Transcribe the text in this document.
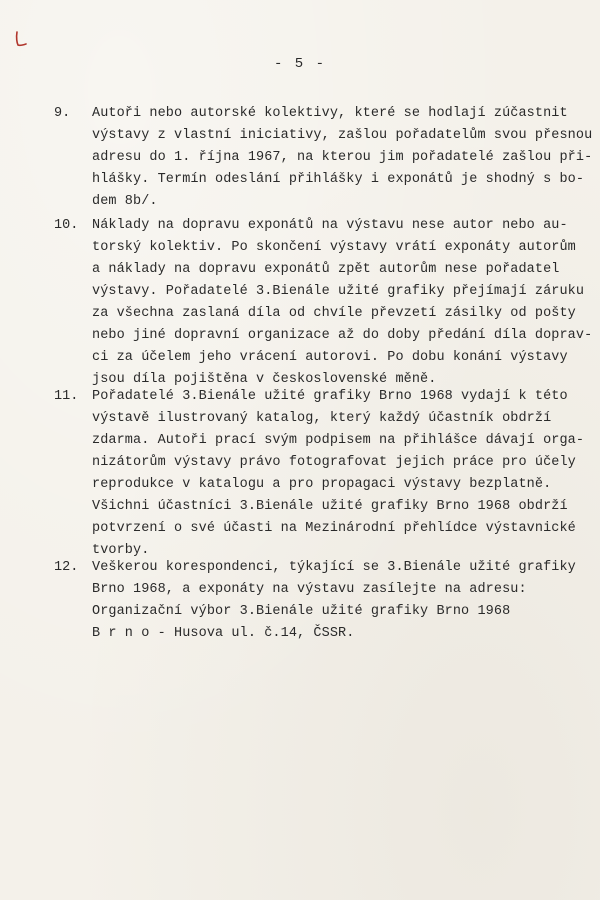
- 5 -
9. Autoři nebo autorské kolektivy, které se hodlají zúčastnit
výstavy z vlastní iniciativy, zašlou pořadatelům svou přesnou
adresu do 1. října 1967, na kterou jim pořadatelé zašlou při-
hlášky. Termín odeslání přihlášky i exponátů je shodný s bo-
dem 8b/.
10. Náklady na dopravu exponátů na výstavu nese autor nebo au-
torský kolektiv. Po skončení výstavy vrátí exponáty autorům
a náklady na dopravu exponátů zpět autorům nese pořadatel
výstavy. Pořadatelé 3.Bienále užité grafiky přejímají záruku
za všechna zaslaná díla od chvíle převzetí zásilky od pošty
nebo jiné dopravní organizace až do doby předání díla doprav-
ci za účelem jeho vrácení autorovi. Po dobu konání výstavy
jsou díla pojištěna v československé měně.
11. Pořadatelé 3.Bienále užité grafiky Brno 1968 vydají k této
výstavě ilustrovaný katalog, který každý účastník obdrží
zdarma. Autoři prací svým podpisem na přihlášce dávají orga-
nizátorům výstavy právo fotografovat jejich práce pro účely
reprodukce v katalogu a pro propagaci výstavy bezplatně.
Všichni účastníci 3.Bienále užité grafiky Brno 1968 obdrží
potvrzení o své účasti na Mezinárodní přehlídce výstavnické
tvorby.
12. Veškerou korespondenci, týkající se 3.Bienále užité grafiky
Brno 1968, a exponáty na výstavu zasílejte na adresu:
Organizační výbor 3.Bienále užité grafiky Brno 1968
B r n o - Husova ul. č.14, ČSSR.
